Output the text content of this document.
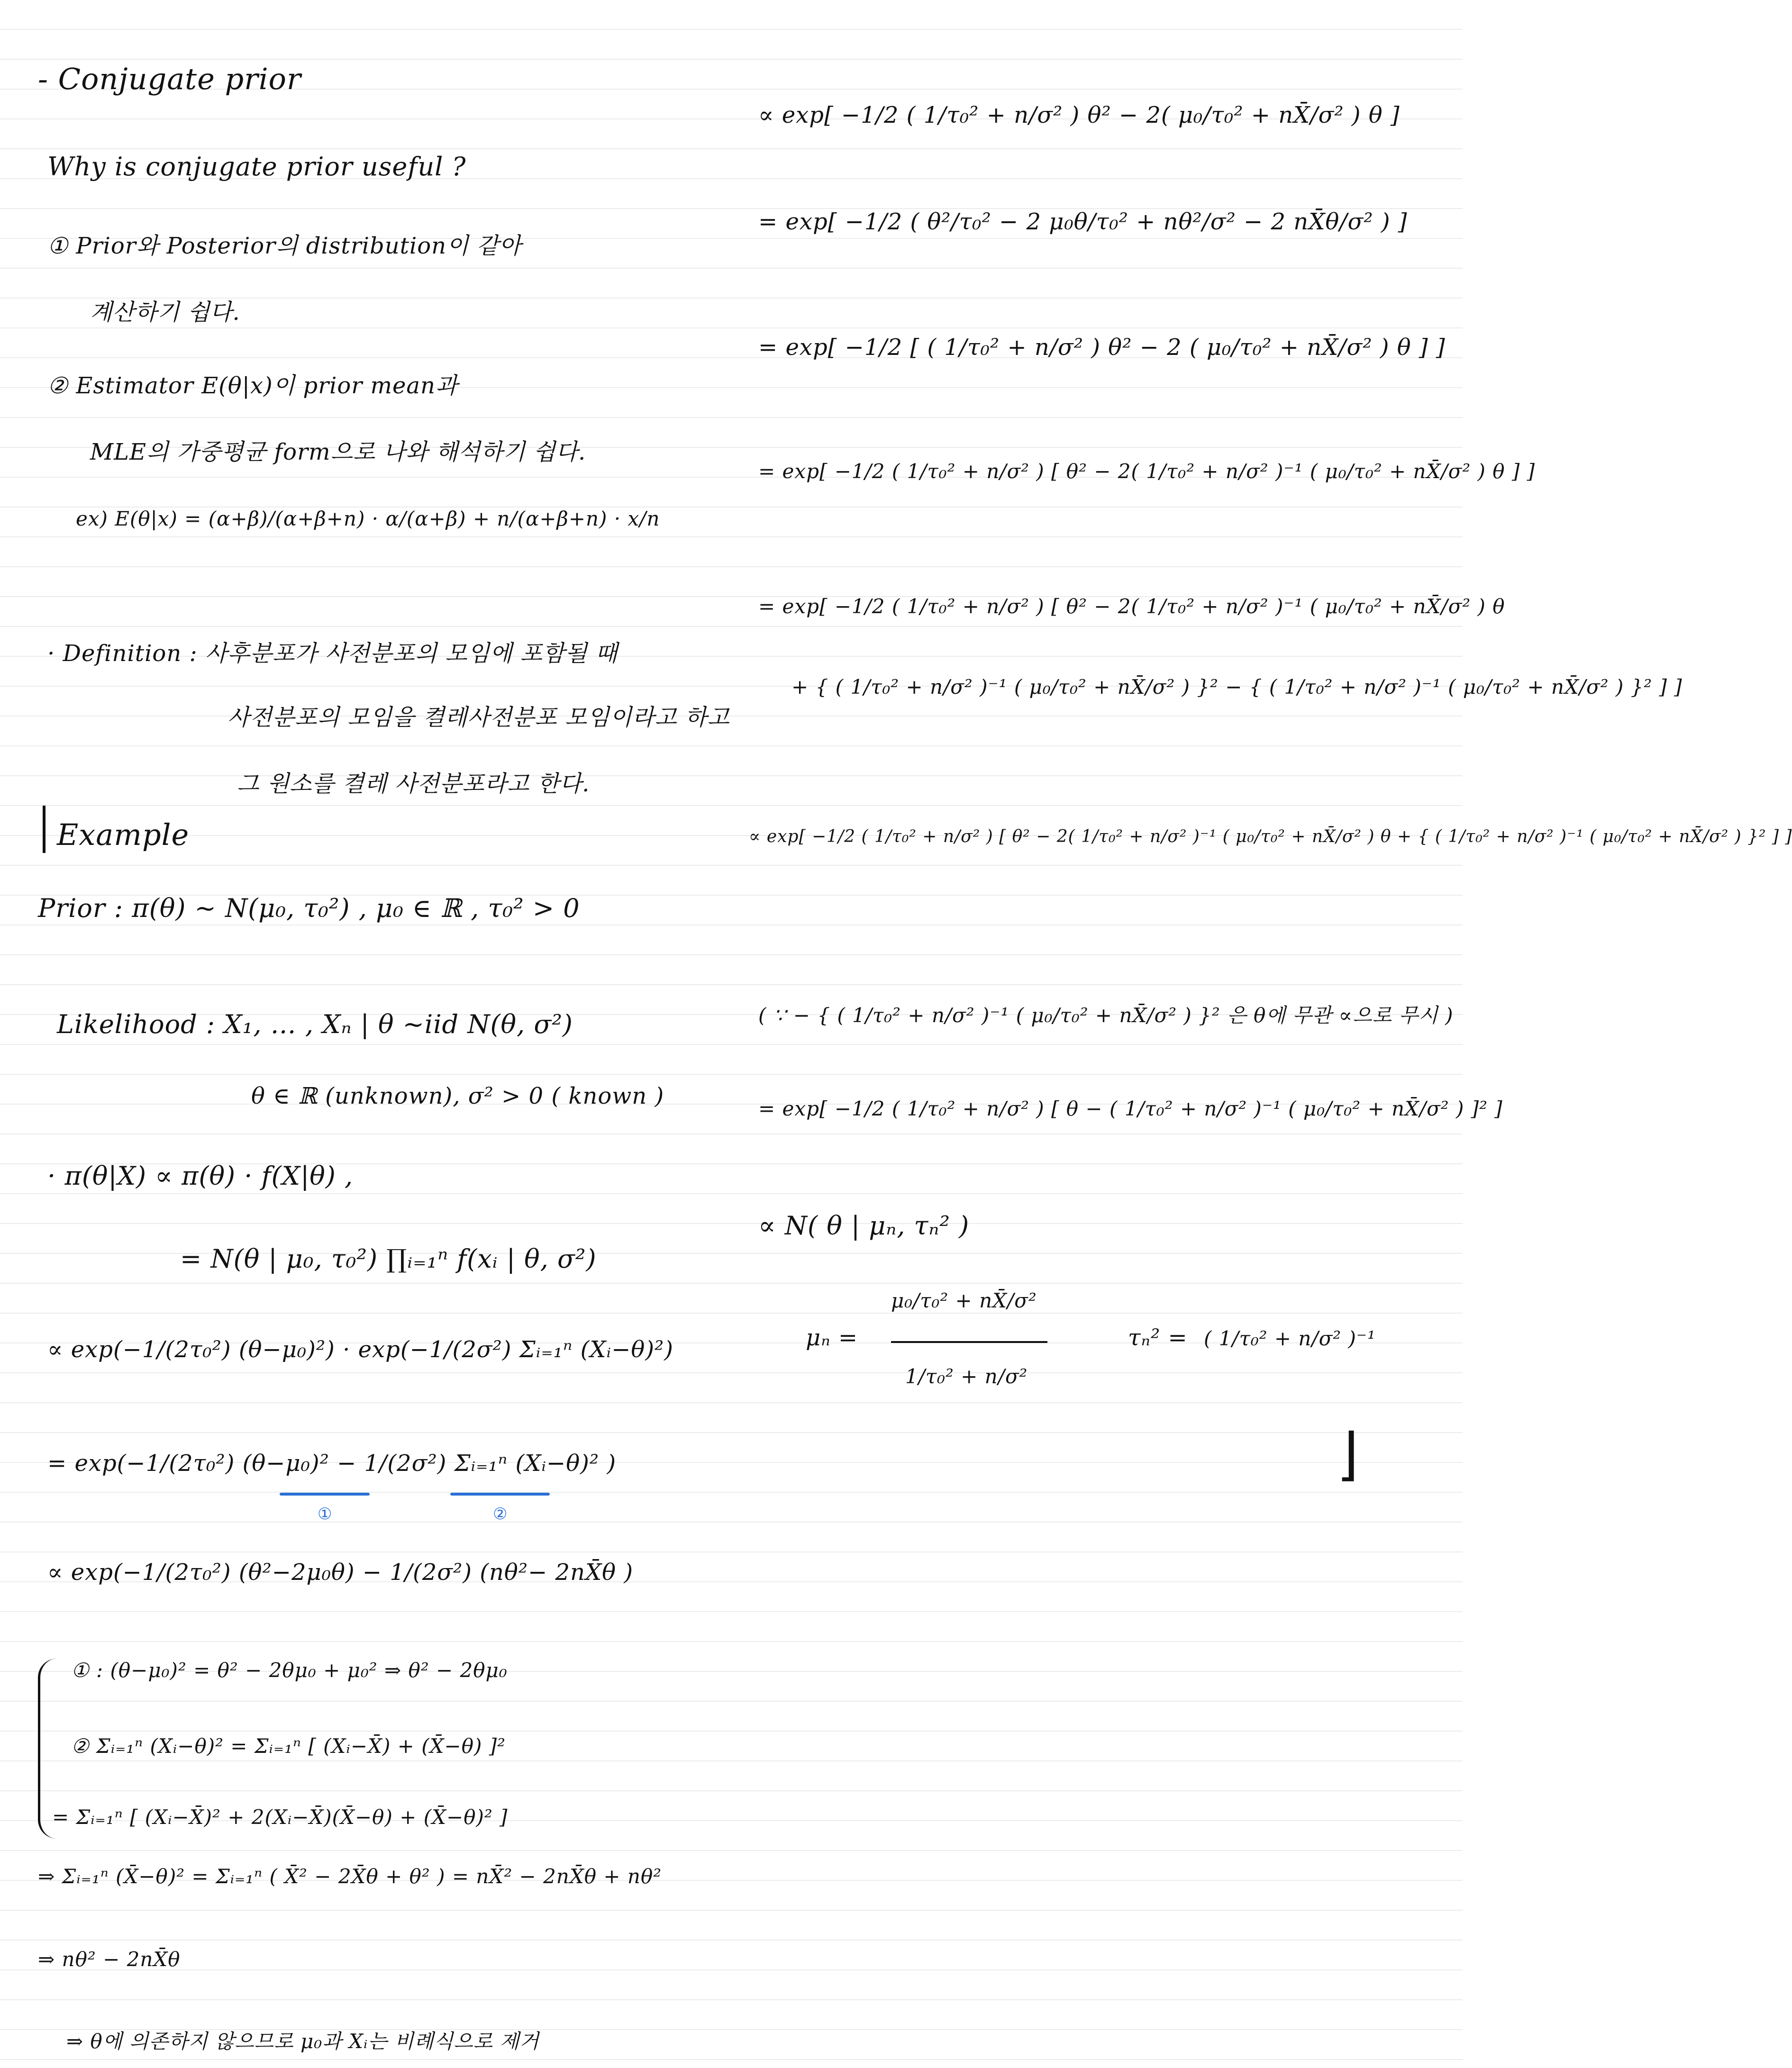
- Conjugate prior
Why is conjugate prior useful ?
① Prior와 Posterior의 distribution이 같아
계산하기 쉽다.
② Estimator E(θ|x)이 prior mean과
MLE의 가중평균 form으로 나와 해석하기 쉽다.
ex) E(θ|x) = (α+β)/(α+β+n) · α/(α+β) + n/(α+β+n) · x/n
· Definition : 사후분포가 사전분포의 모임에 포함될 때
사전분포의 모임을 켤레사전분포 모임이라고 하고
그 원소를 켤레 사전분포라고 한다.
Example
Prior : π(θ) ~ N(μ₀, τ₀²) , μ₀ ∈ ℝ , τ₀² > 0
Likelihood : X₁, … , Xₙ | θ ~iid N(θ, σ²)
θ ∈ ℝ (unknown), σ² > 0 ( known )
· π(θ|X) ∝ π(θ) · f(X|θ) ,
= N(θ | μ₀, τ₀²) ∏ᵢ₌₁ⁿ f(xᵢ | θ, σ²)
∝ exp(−1/(2τ₀²) (θ−μ₀)²) · exp(−1/(2σ²) Σᵢ₌₁ⁿ (Xᵢ−θ)²)
= exp(−1/(2τ₀²) (θ−μ₀)² − 1/(2σ²) Σᵢ₌₁ⁿ (Xᵢ−θ)² )
①	②
∝ exp(−1/(2τ₀²) (θ²−2μ₀θ) − 1/(2σ²) (nθ²− 2nX̄θ )
① : (θ−μ₀)² = θ² − 2θμ₀ + μ₀² ⇒ θ² − 2θμ₀
② Σᵢ₌₁ⁿ (Xᵢ−θ)² = Σᵢ₌₁ⁿ [ (Xᵢ−X̄) + (X̄−θ) ]²
= Σᵢ₌₁ⁿ [ (Xᵢ−X̄)² + 2(Xᵢ−X̄)(X̄−θ) + (X̄−θ)² ]
⇒ Σᵢ₌₁ⁿ (X̄−θ)² = Σᵢ₌₁ⁿ ( X̄² − 2X̄θ + θ² ) = nX̄² − 2nX̄θ + nθ²
⇒ nθ² − 2nX̄θ
⇒ θ에 의존하지 않으므로 μ₀과 Xᵢ는 비례식으로 제거
∝ exp[ −1/2 ( 1/τ₀² + n/σ² ) θ² − 2( μ₀/τ₀² + nX̄/σ² ) θ ]
= exp[ −1/2 ( θ²/τ₀² − 2 μ₀θ/τ₀² + nθ²/σ² − 2 nX̄θ/σ² ) ]
= exp[ −1/2 [ ( 1/τ₀² + n/σ² ) θ² − 2 ( μ₀/τ₀² + nX̄/σ² ) θ ] ]
= exp[ −1/2 ( 1/τ₀² + n/σ² ) [ θ² − 2( 1/τ₀² + n/σ² )⁻¹ ( μ₀/τ₀² + nX̄/σ² ) θ ] ]
= exp[ −1/2 ( 1/τ₀² + n/σ² ) [ θ² − 2( 1/τ₀² + n/σ² )⁻¹ ( μ₀/τ₀² + nX̄/σ² ) θ
+ { ( 1/τ₀² + n/σ² )⁻¹ ( μ₀/τ₀² + nX̄/σ² ) }² − { ( 1/τ₀² + n/σ² )⁻¹ ( μ₀/τ₀² + nX̄/σ² ) }² ] ]
∝ exp[ −1/2 ( 1/τ₀² + n/σ² ) [ θ² − 2( 1/τ₀² + n/σ² )⁻¹ ( μ₀/τ₀² + nX̄/σ² ) θ + { ( 1/τ₀² + n/σ² )⁻¹ ( μ₀/τ₀² + nX̄/σ² ) }² ] ]
( ∵ − { ( 1/τ₀² + n/σ² )⁻¹ ( μ₀/τ₀² + nX̄/σ² ) }² 은 θ에 무관 ∝으로 무시 )
= exp[ −1/2 ( 1/τ₀² + n/σ² ) [ θ − ( 1/τ₀² + n/σ² )⁻¹ ( μ₀/τ₀² + nX̄/σ² ) ]² ]
∝ N( θ | μₙ, τₙ² )
μₙ =
μ₀/τ₀² + nX̄/σ²
1/τ₀² + n/σ²
τₙ² = ( 1/τ₀² + n/σ² )⁻¹
⌋
